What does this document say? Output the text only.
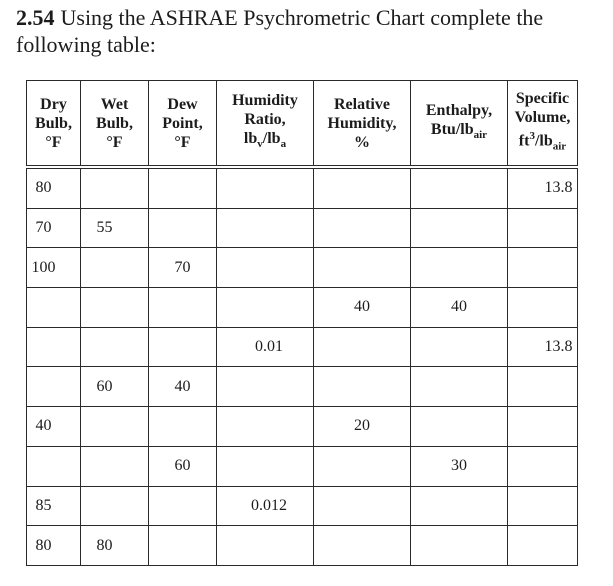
2.54 Using the ASHRAE Psychrometric Chart complete the following table:
Dry
Bulb,
°F	Wet
Bulb,
°F	Dew
Point,
°F	Humidity
Ratio,
$lb_v/lb_a$	Relative
Humidity,
%	Enthalpy,
Btu/$lb_{air}$	Specific
Volume,
$ft^3/lb_{air}$
80						13.8
70	55					
100		70				
				40	40	
			0.01			13.8
	60	40				
40				20		
		60			30	
85			0.012			
80	80					
